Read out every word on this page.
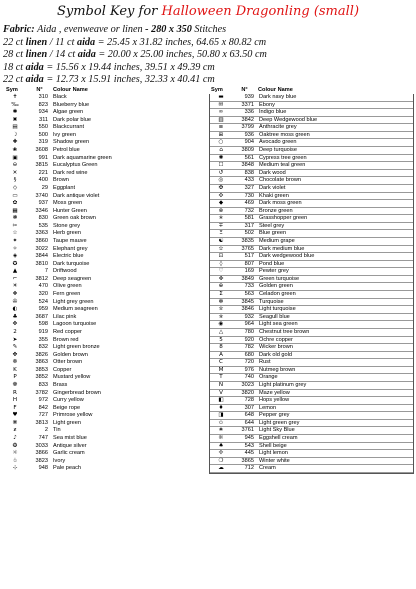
Symbol Key for Halloween Dragonling (small)
Fabric: Aida , evenweave or linen - 280 x 350 Stitches
22 ct linen / 11 ct aida = 25.45 x 31.82 inches, 64.65 x 80.82 cm
28 ct linen / 14 ct aida = 20.00 x 25.00 inches, 50.80 x 63.50 cm
18 ct aida = 15.56 x 19.44 inches, 39.51 x 49.39 cm
22 ct aida = 12.73 x 15.91 inches, 32.33 x 40.41 cm
Sym	N°	Colour Name	Sym	N°	Colour Name
✝	310 Black
‰	823 Blueberry blue
✱	934 Algae green
✖	311 Dark polar blue
▤	550 Blackcurrant
☽	500 Ivy green
✚	319 Shadow green
❀	3608 Petrol blue
▣	991 Dark aquamarine green
⊖	3815 Eucalyptus Green
✕	221 Dark red wine
§	400 Brown
◇	29 Eggplant
▭	3740 Dark antique violet
✿	937 Moss green
▦	3346 Hunter Green
❃	830 Green oak brown
✂	535 Stone grey
☆	3363 Herb green
✦	3860 Taupe mauve
✧	3022 Elephant grey
◈	3844 Electric blue
✪	3810 Dark turquoise
▲	7 Driftwood
⌐	3812 Deep seagreen
☀	470 Olive green
❖	320 Fern green
✇	524 Light grey green
◐	959 Medium seagreen
♣	3687 Lilac pink
✥	598 Lagoon turquoise
2	919 Red copper
➤	355 Brown red
✎	832 Light green bronze
✤	3826 Golden brown
❉	3863 Otter brown
K	3853 Copper
P	3852 Mustard yellow
❁	833 Brass
R	3782 Gingerbread brown
H	972 Curry yellow
F	842 Beige rope
♥	727 Primrose yellow
❋	3813 Light green
ƶ	2 Tin
♪	747 Sea mist blue
❂	3033 Antique silver
☼	3866 Garlic cream
♧	3823 Ivory
⊹	948 Pale peach
▬	939 Dark navy blue
✉	3371 Ebony
∞	336 Indigo blue
▥	3842 Deep Wedgewood blue
≡	3799 Anthracite grey
⊞	936 Oaktree moss green
○	904 Avocado green
⌂	3809 Deep turquoise
✺	561 Cypress tree green
☐	3848 Medium teal green
↺	838 Dark wood
◎	433 Chocolate brown
✠	327 Dark violet
✣	730 Khaki green
◆	469 Dark moss green
⊗	732 Bronze green
✭	581 Grasshopper green
∓	317 Steel grey
Ξ	502 Blue green
☯	3835 Medium grape
✫	3765 Dark medium blue
⊡	517 Dark wedgewood blue
◊	807 Pond blue
♡	169 Pewter grey
✜	3849 Green turquoise
⊕	733 Golden green
Σ	563 Celadon green
✻	3845 Turquoise
✮	3846 Light turquoise
✯	932 Seagull blue
◉	964 Light sea green
△	780 Chestnut tree brown
5	920 Ochre copper
8	782 Wicker brown
A	680 Dark old gold
C	720 Rust
M	976 Nutmeg brown
T	740 Orange
N	3023 Light platinum grey
V	3820 Maze yellow
◧	728 Hops yellow
♦	307 Lemon
◨	648 Pepper grey
✩	644 Light green grey
✬	3761 Light Sky Blue
❊	945 Eggshell cream
♠	543 Shell beige
✢	445 Light lemon
❍	3865 Winter white
☁	712 Cream
